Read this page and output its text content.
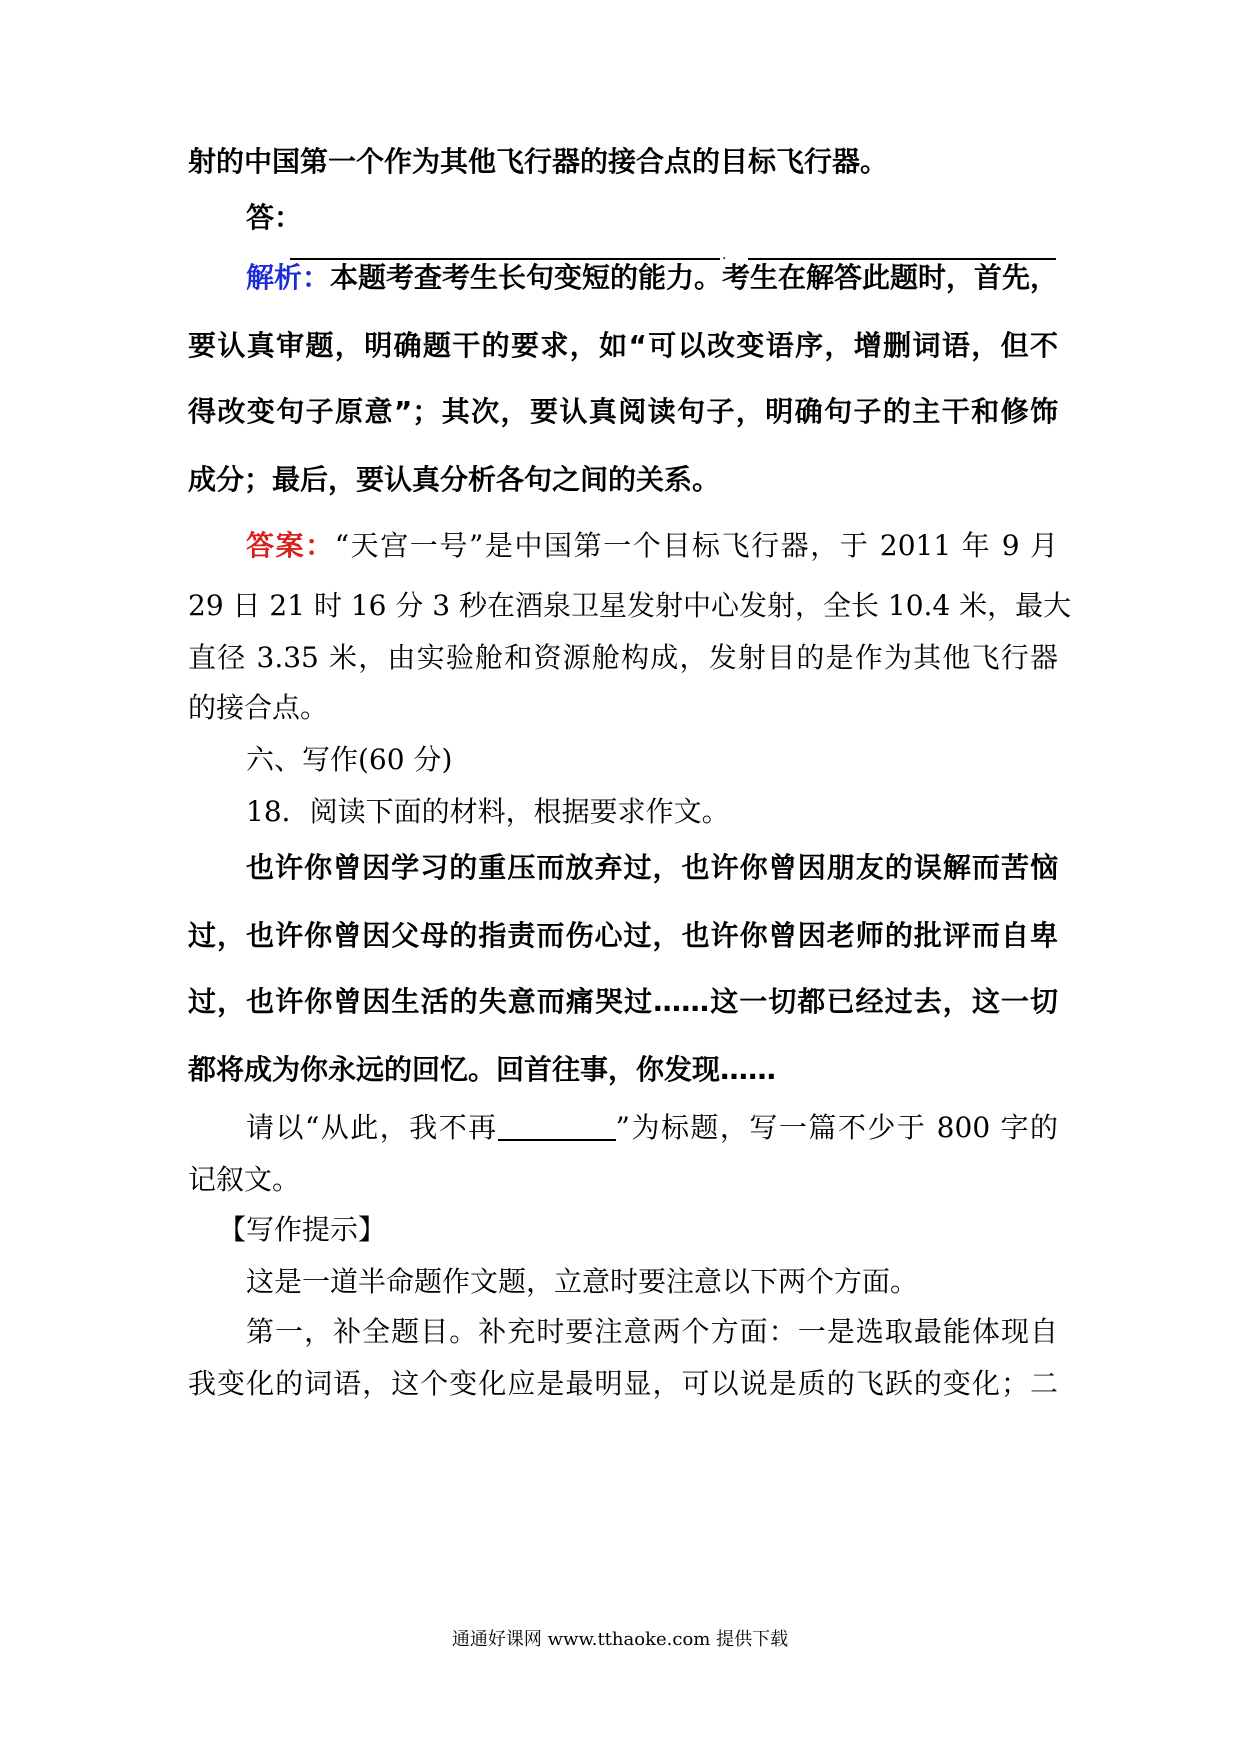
射的中国第一个作为其他飞行器的接合点的目标飞行器。
答：
.
解析：本题考查考生长句变短的能力。考生在解答此题时，首先，
要认真审题，明确题干的要求，如“可以改变语序，增删词语，但不
得改变句子原意”；其次，要认真阅读句子，明确句子的主干和修饰
成分；最后，要认真分析各句之间的关系。
答案：“天宫一号”是中国第一个目标飞行器，于 2011 年 9 月
29 日 21 时 16 分 3 秒在酒泉卫星发射中心发射，全长 10.4 米，最大
直径 3.35 米，由实验舱和资源舱构成，发射目的是作为其他飞行器
的接合点。
六、写作(60 分)
18．阅读下面的材料，根据要求作文。
也许你曾因学习的重压而放弃过，也许你曾因朋友的误解而苦恼
过，也许你曾因父母的指责而伤心过，也许你曾因老师的批评而自卑
过，也许你曾因生活的失意而痛哭过……这一切都已经过去，这一切
都将成为你永远的回忆。回首往事，你发现……
请以“从此，我不再	”为标题，写一篇不少于 800 字的
记叙文。
【写作提示】
这是一道半命题作文题，立意时要注意以下两个方面。
第一，补全题目。补充时要注意两个方面：一是选取最能体现自
我变化的词语，这个变化应是最明显，可以说是质的飞跃的变化；二
通通好课网 www.tthaoke.com 提供下载
